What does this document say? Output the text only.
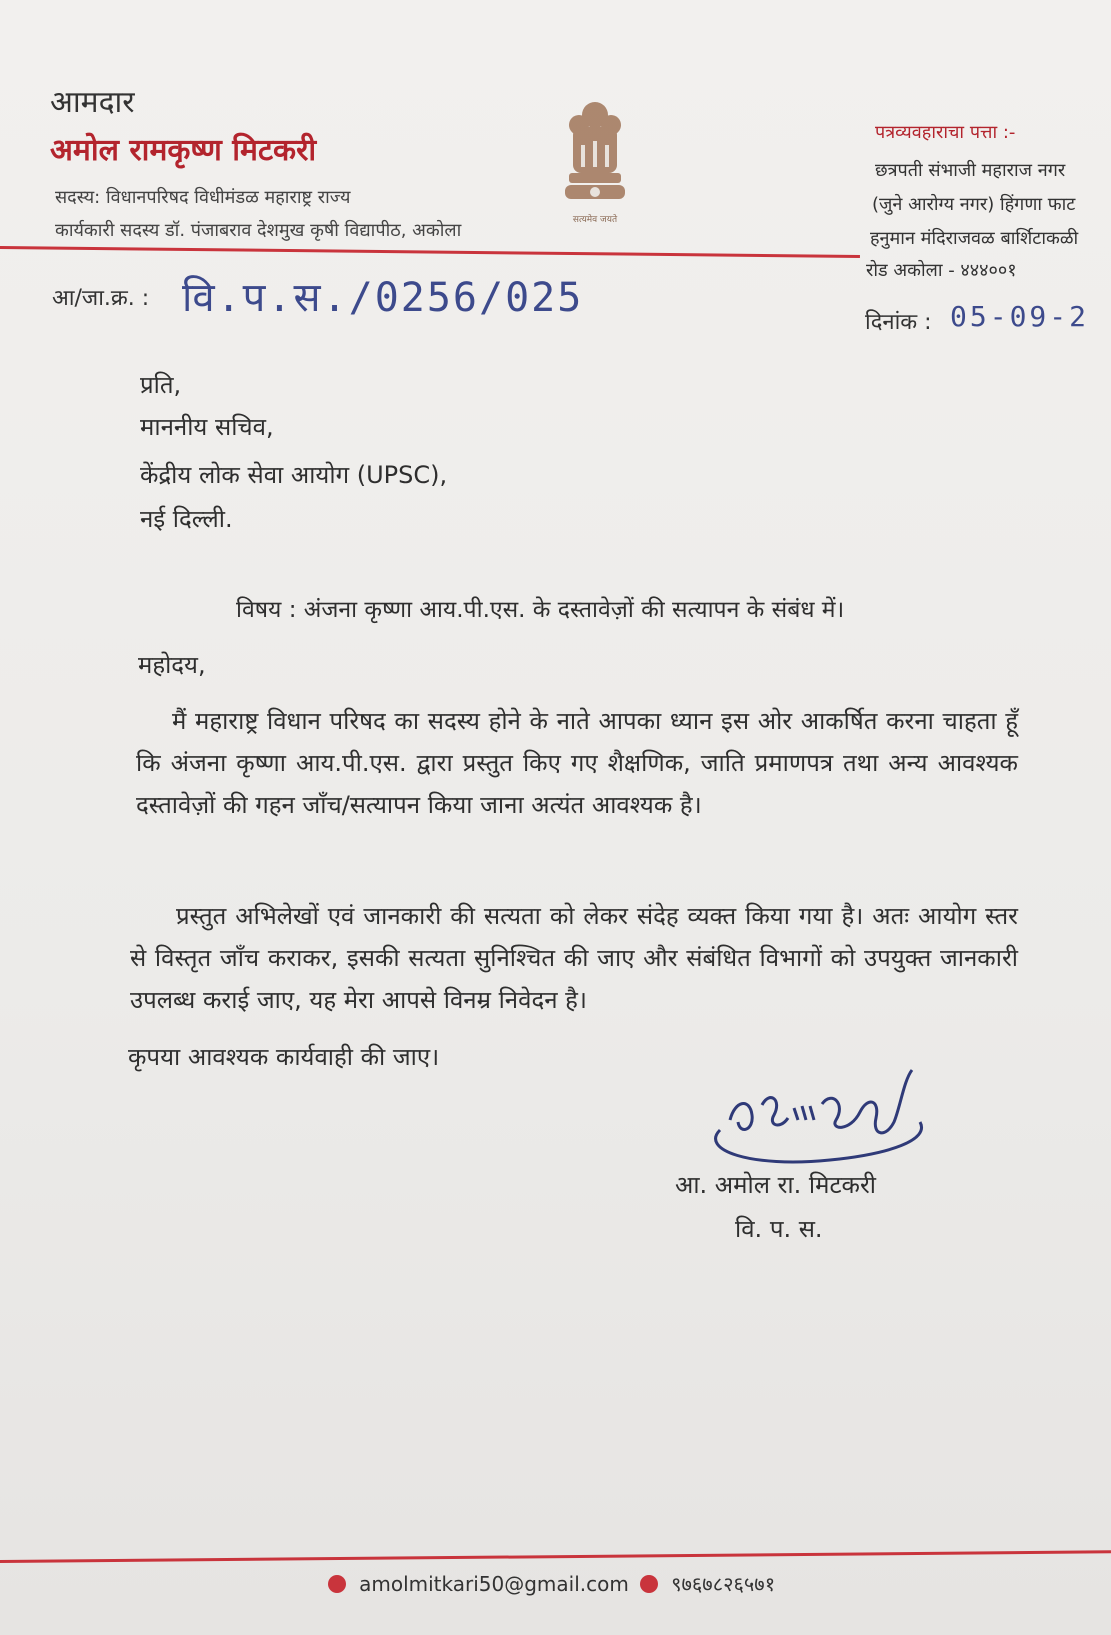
आमदार
अमोल रामकृष्ण मिटकरी
सदस्य: विधानपरिषद विधीमंडळ महाराष्ट्र राज्य
कार्यकारी सदस्य डॉ. पंजाबराव देशमुख कृषी विद्यापीठ, अकोला	सत्यमेव जयते
पत्रव्यवहाराचा पत्ता :-
छत्रपती संभाजी महाराज नगर
(जुने आरोग्य नगर) हिंगणा फाट
हनुमान मंदिराजवळ बार्शिटाकळी
रोड अकोला - ४४४००१
आ/जा.क्र. : वि.प.स./0256/025
दिनांक : 05-09-2
प्रति,
माननीय सचिव,
केंद्रीय लोक सेवा आयोग (UPSC),
नई दिल्ली.
विषय : अंजना कृष्णा आय.पी.एस. के दस्तावेज़ों की सत्यापन के संबंध में।
महोदय,
मैं महाराष्ट्र विधान परिषद का सदस्य होने के नाते आपका ध्यान इस ओर आकर्षित करना चाहता हूँ कि अंजना कृष्णा आय.पी.एस. द्वारा प्रस्तुत किए गए शैक्षणिक, जाति प्रमाणपत्र तथा अन्य आवश्यक दस्तावेज़ों की गहन जाँच/सत्यापन किया जाना अत्यंत आवश्यक है।
प्रस्तुत अभिलेखों एवं जानकारी की सत्यता को लेकर संदेह व्यक्त किया गया है। अतः आयोग स्तर से विस्तृत जाँच कराकर, इसकी सत्यता सुनिश्चित की जाए और संबंधित विभागों को उपयुक्त जानकारी उपलब्ध कराई जाए, यह मेरा आपसे विनम्र निवेदन है।
कृपया आवश्यक कार्यवाही की जाए।
आ. अमोल रा. मिटकरी
वि. प. स.
amolmitkari50@gmail.com	९७६७८२६५७१
